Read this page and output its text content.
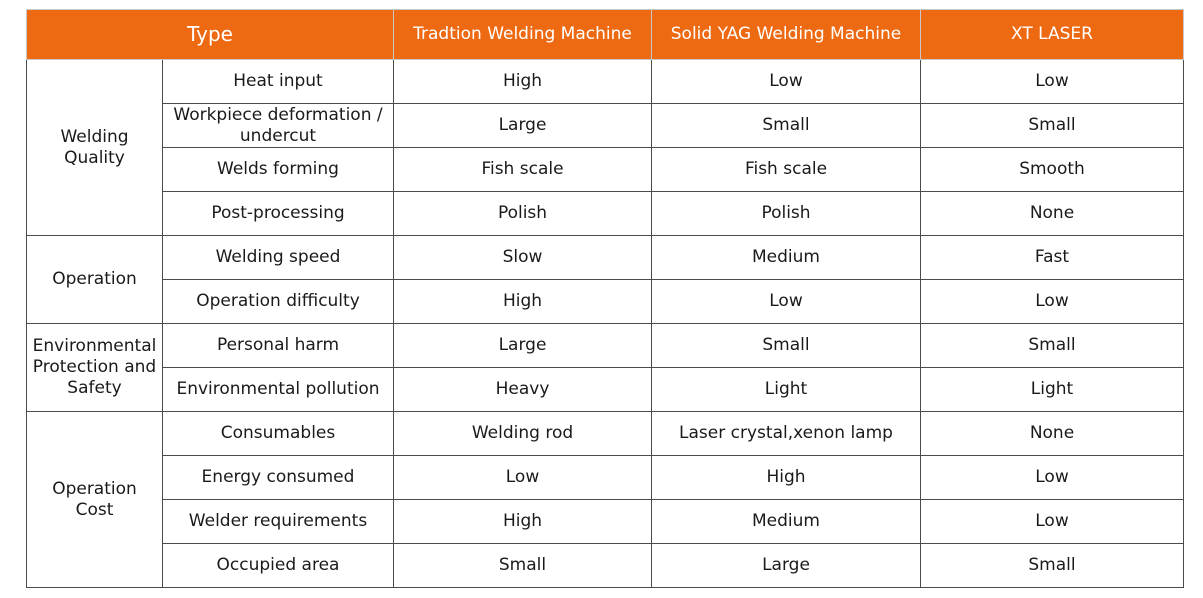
Type		Tradtion Welding Machine	Solid YAG Welding Machine	XT LASER
Welding Quality	Heat input	High	Low	Low
	Workpiece deformation / undercut	Large	Small	Small
	Welds forming	Fish scale	Fish scale	Smooth
	Post-processing	Polish	Polish	None
Operation	Welding speed	Slow	Medium	Fast
	Operation difficulty	High	Low	Low
Environmental Protection and Safety	Personal harm	Large	Small	Small
	Environmental pollution	Heavy	Light	Light
Operation Cost	Consumables	Welding rod	Laser crystal,xenon lamp	None
	Energy consumed	Low	High	Low
	Welder requirements	High	Medium	Low
	Occupied area	Small	Large	Small
